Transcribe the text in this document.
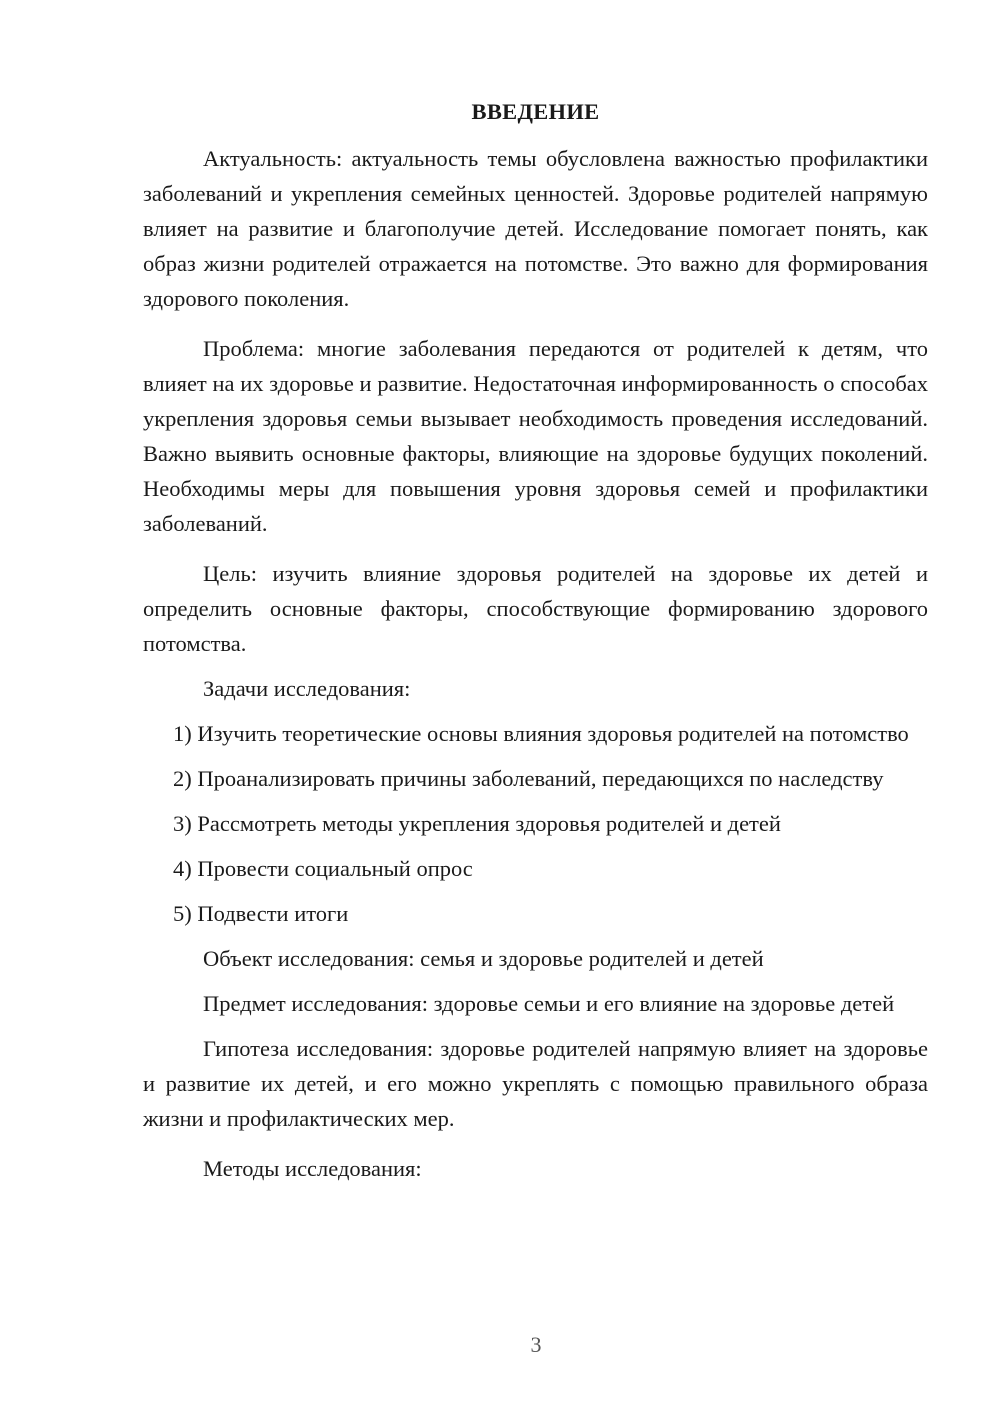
ВВЕДЕНИЕ

Актуальность: актуальность темы обусловлена важностью профилактики заболеваний и укрепления семейных ценностей. Здоровье родителей напрямую влияет на развитие и благополучие детей. Исследование помогает понять, как образ жизни родителей отражается на потомстве. Это важно для формирования здорового поколения.

Проблема: многие заболевания передаются от родителей к детям, что влияет на их здоровье и развитие. Недостаточная информированность о способах укрепления здоровья семьи вызывает необходимость проведения исследований. Важно выявить основные факторы, влияющие на здоровье будущих поколений. Необходимы меры для повышения уровня здоровья семей и профилактики заболеваний.

Цель: изучить влияние здоровья родителей на здоровье их детей и определить основные факторы, способствующие формированию здорового потомства.

Задачи исследования:

1) Изучить теоретические основы влияния здоровья родителей на потомство

2) Проанализировать причины заболеваний, передающихся по наследству

3) Рассмотреть методы укрепления здоровья родителей и детей

4) Провести социальный опрос

5) Подвести итоги

Объект исследования: семья и здоровье родителей и детей

Предмет исследования: здоровье семьи и его влияние на здоровье детей

Гипотеза исследования: здоровье родителей напрямую влияет на здоровье и развитие их детей, и его можно укреплять с помощью правильного образа жизни и профилактических мер.

Методы исследования:

3
